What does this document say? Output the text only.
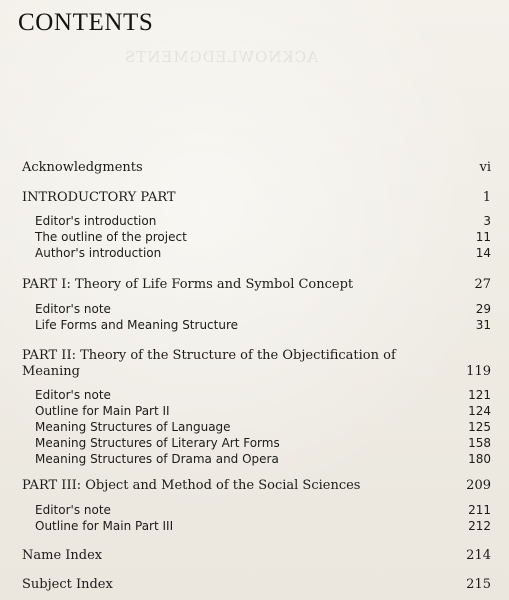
ACKNOWLEDGMENTS
CONTENTS
Acknowledgments	vi
INTRODUCTORY PART	1
Editor's introduction	3
The outline of the project	11
Author's introduction	14
PART I: Theory of Life Forms and Symbol Concept	27
Editor's note	29
Life Forms and Meaning Structure	31
PART II: Theory of the Structure of the Objectification of Meaning	119
Editor's note	121
Outline for Main Part II	124
Meaning Structures of Language	125
Meaning Structures of Literary Art Forms	158
Meaning Structures of Drama and Opera	180
PART III: Object and Method of the Social Sciences	209
Editor's note	211
Outline for Main Part III	212
Name Index	214
Subject Index	215
